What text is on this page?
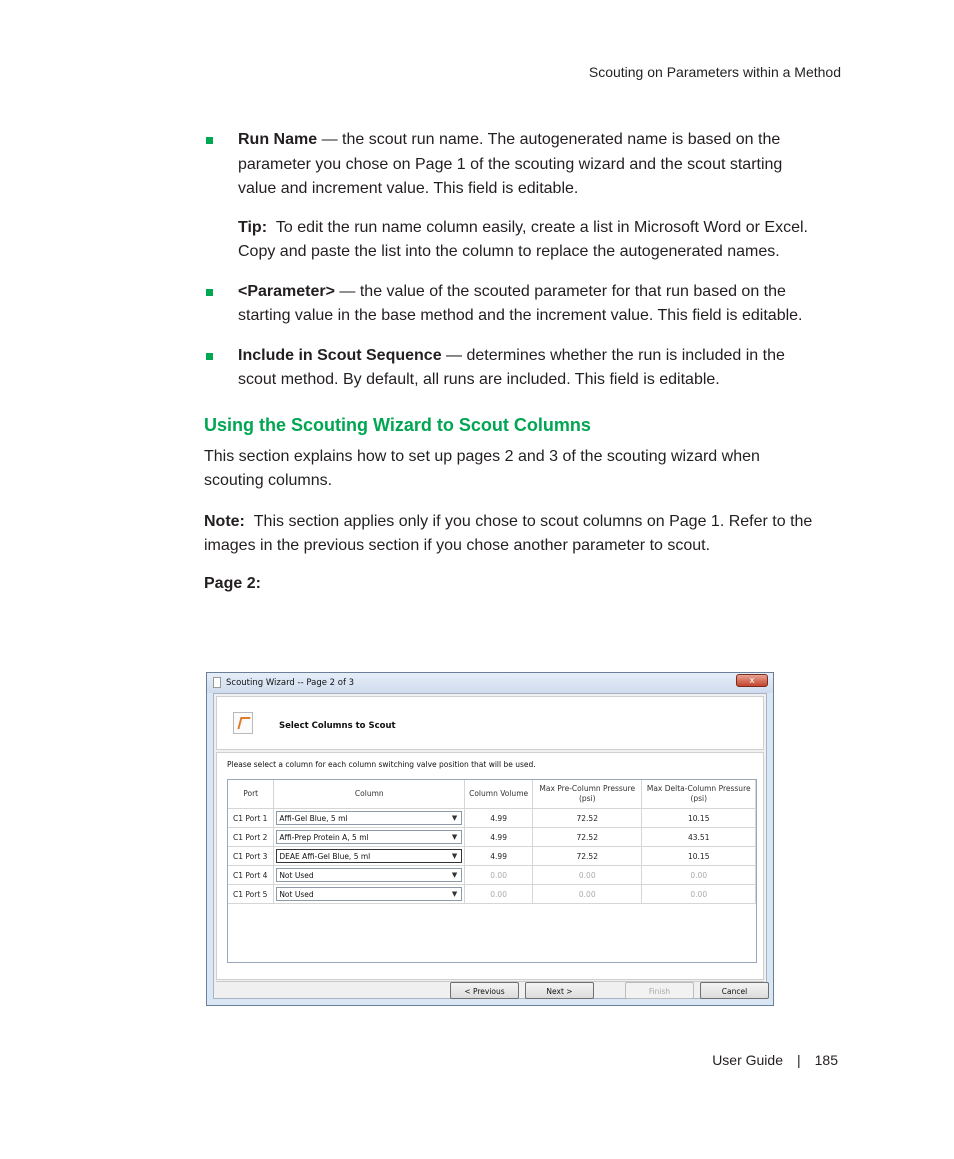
Scouting on Parameters within a Method

Run Name — the scout run name. The autogenerated name is based on the parameter you chose on Page 1 of the scouting wizard and the scout starting value and increment value. This field is editable.

Tip: To edit the run name column easily, create a list in Microsoft Word or Excel. Copy and paste the list into the column to replace the autogenerated names.

<Parameter> — the value of the scouted parameter for that run based on the starting value in the base method and the increment value. This field is editable.

Include in Scout Sequence — determines whether the run is included in the scout method. By default, all runs are included. This field is editable.

Using the Scouting Wizard to Scout Columns

This section explains how to set up pages 2 and 3 of the scouting wizard when scouting columns.

Note: This section applies only if you chose to scout columns on Page 1. Refer to the images in the previous section if you chose another parameter to scout.

Page 2:

Scouting Wizard -- Page 2 of 3	x
Select Columns to Scout
Please select a column for each column switching valve position that will be used.
Port	Column	Column Volume	Max Pre-Column Pressure (psi)	Max Delta-Column Pressure (psi)
C1 Port 1	Affi-Gel Blue, 5 ml ▼	4.99	72.52	10.15
C1 Port 2	Affi-Prep Protein A, 5 ml ▼	4.99	72.52	43.51
C1 Port 3	DEAE Affi-Gel Blue, 5 ml ▼	4.99	72.52	10.15
C1 Port 4	Not Used ▼	0.00	0.00	0.00
C1 Port 5	Not Used ▼	0.00	0.00	0.00
< Previous	Next >	Finish	Cancel
User Guide | 185
